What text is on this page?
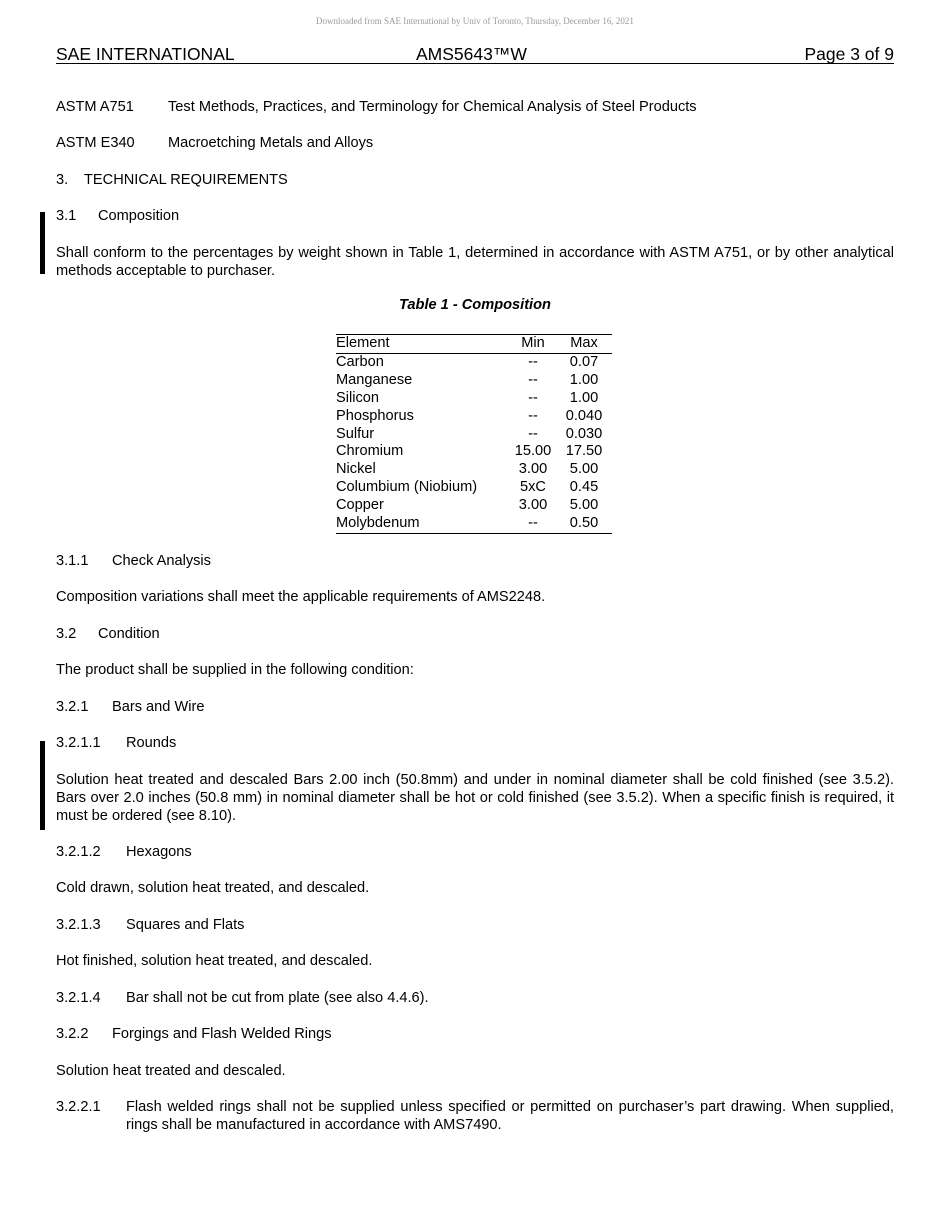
Downloaded from SAE International by Univ of Toronto, Thursday, December 16, 2021
SAE INTERNATIONAL	AMS5643™W	Page 3 of 9
ASTM A751 Test Methods, Practices, and Terminology for Chemical Analysis of Steel Products
ASTM E340 Macroetching Metals and Alloys
3. TECHNICAL REQUIREMENTS
3.1 Composition
Shall conform to the percentages by weight shown in Table 1, determined in accordance with ASTM A751, or by other analytical methods acceptable to purchaser.
Table 1 - Composition
Element	Min	Max
Carbon	--	0.07
Manganese	--	1.00
Silicon	--	1.00
Phosphorus	--	0.040
Sulfur	--	0.030
Chromium	15.00	17.50
Nickel	3.00	5.00
Columbium (Niobium)	5xC	0.45
Copper	3.00	5.00
Molybdenum	--	0.50
3.1.1 Check Analysis
Composition variations shall meet the applicable requirements of AMS2248.
3.2 Condition
The product shall be supplied in the following condition:
3.2.1 Bars and Wire
3.2.1.1 Rounds
Solution heat treated and descaled Bars 2.00 inch (50.8mm) and under in nominal diameter shall be cold finished (see 3.5.2). Bars over 2.0 inches (50.8 mm) in nominal diameter shall be hot or cold finished (see 3.5.2). When a specific finish is required, it must be ordered (see 8.10).
3.2.1.2 Hexagons
Cold drawn, solution heat treated, and descaled.
3.2.1.3 Squares and Flats
Hot finished, solution heat treated, and descaled.
3.2.1.4 Bar shall not be cut from plate (see also 4.4.6).
3.2.2 Forgings and Flash Welded Rings
Solution heat treated and descaled.
3.2.2.1 Flash welded rings shall not be supplied unless specified or permitted on purchaser’s part drawing. When supplied, rings shall be manufactured in accordance with AMS7490.
